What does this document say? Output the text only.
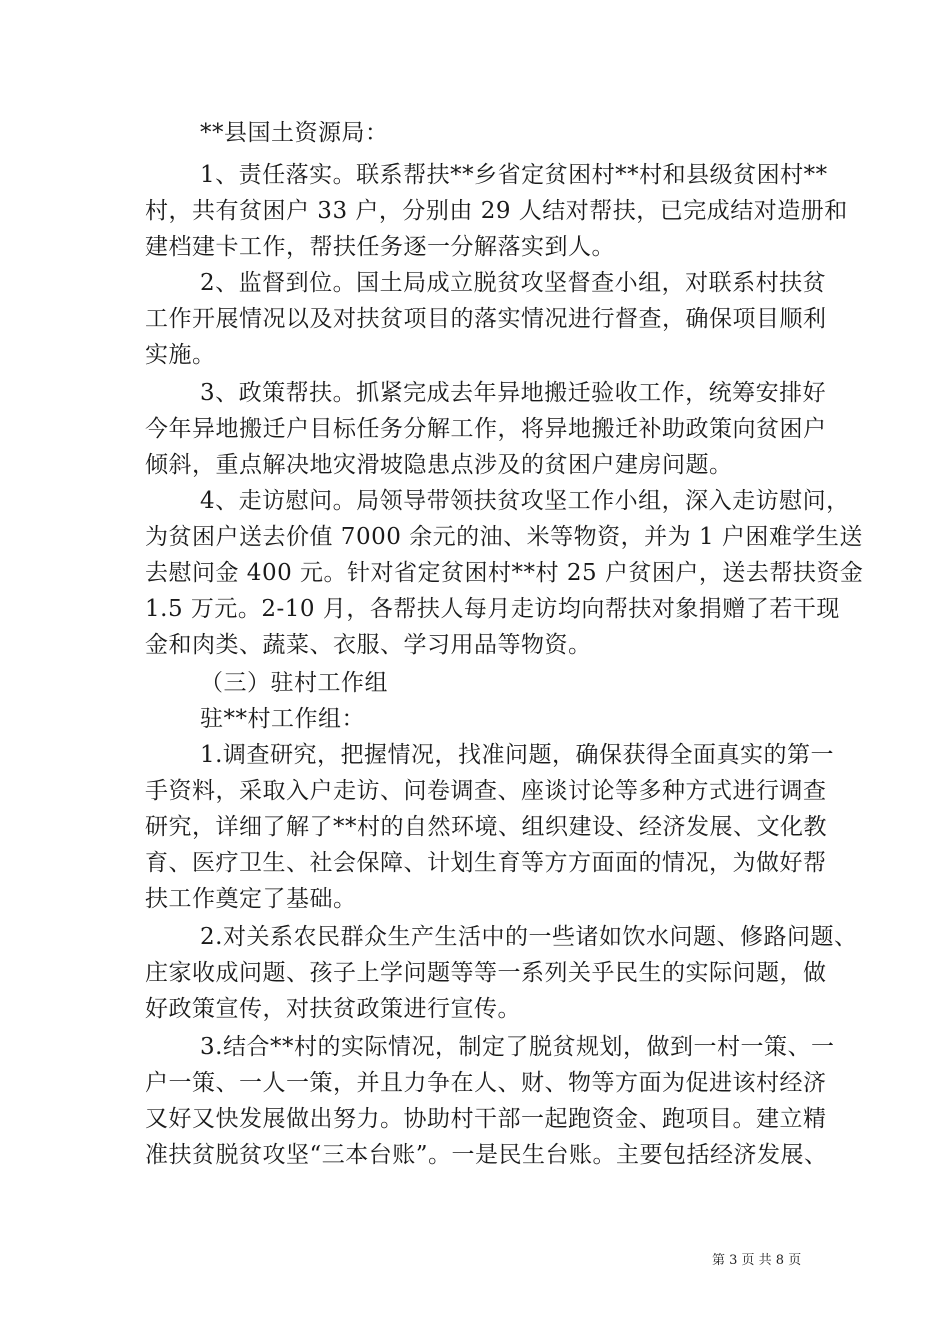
**县国土资源局：
1、责任落实。联系帮扶**乡省定贫困村**村和县级贫困村**
村，共有贫困户 33 户，分别由 29 人结对帮扶，已完成结对造册和
建档建卡工作，帮扶任务逐一分解落实到人。
2、监督到位。国土局成立脱贫攻坚督查小组，对联系村扶贫
工作开展情况以及对扶贫项目的落实情况进行督查，确保项目顺利
实施。
3、政策帮扶。抓紧完成去年异地搬迁验收工作，统筹安排好
今年异地搬迁户目标任务分解工作，将异地搬迁补助政策向贫困户
倾斜，重点解决地灾滑坡隐患点涉及的贫困户建房问题。
4、走访慰问。局领导带领扶贫攻坚工作小组，深入走访慰问，
为贫困户送去价值 7000 余元的油、米等物资，并为 1 户困难学生送
去慰问金 400 元。针对省定贫困村**村 25 户贫困户，送去帮扶资金
1.5 万元。2-10 月，各帮扶人每月走访均向帮扶对象捐赠了若干现
金和肉类、蔬菜、衣服、学习用品等物资。
（三）驻村工作组
驻**村工作组：
1.调查研究，把握情况，找准问题，确保获得全面真实的第一
手资料，采取入户走访、问卷调查、座谈讨论等多种方式进行调查
研究，详细了解了**村的自然环境、组织建设、经济发展、文化教
育、医疗卫生、社会保障、计划生育等方方面面的情况，为做好帮
扶工作奠定了基础。
2.对关系农民群众生产生活中的一些诸如饮水问题、修路问题、
庄家收成问题、孩子上学问题等等一系列关乎民生的实际问题，做
好政策宣传，对扶贫政策进行宣传。
3.结合**村的实际情况，制定了脱贫规划，做到一村一策、一
户一策、一人一策，并且力争在人、财、物等方面为促进该村经济
又好又快发展做出努力。协助村干部一起跑资金、跑项目。建立精
准扶贫脱贫攻坚“三本台账”。一是民生台账。主要包括经济发展、
第 3 页 共 8 页
